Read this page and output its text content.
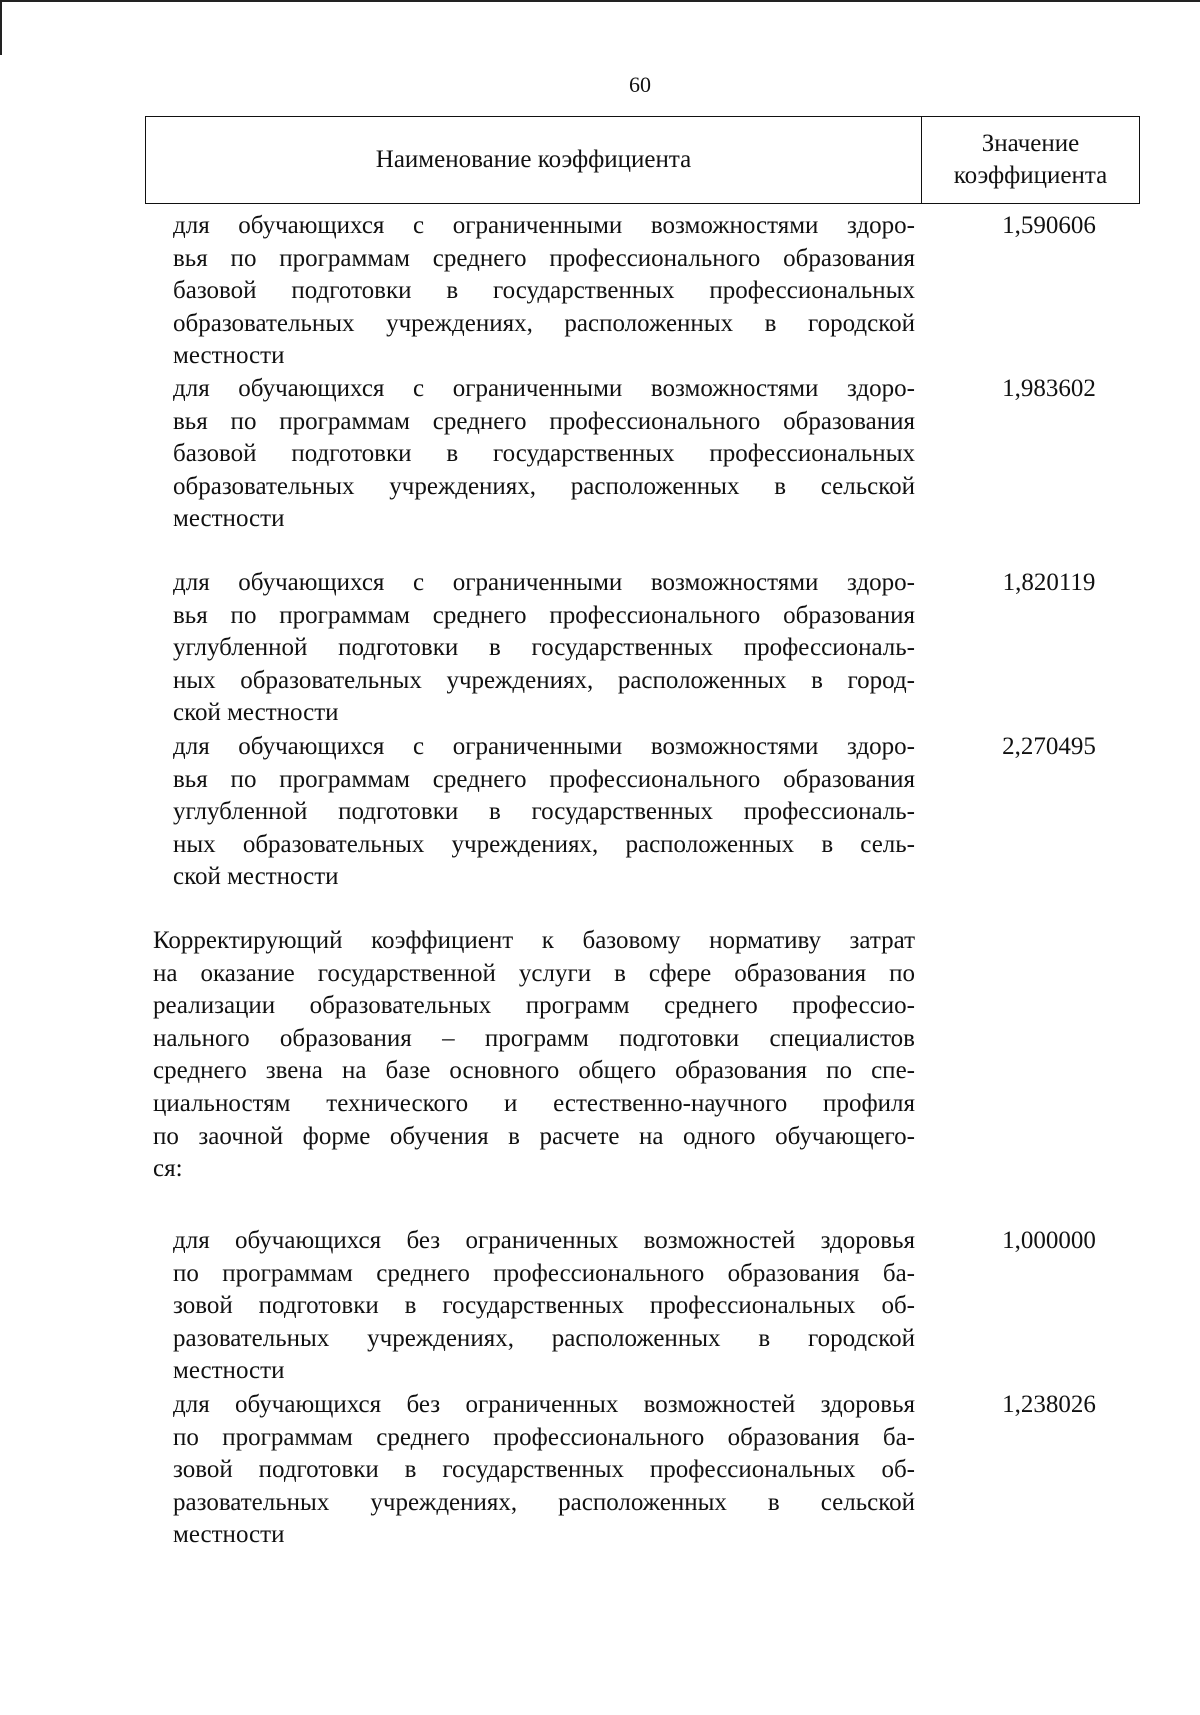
60
Наименование коэффициента
Значение
коэффициента
для обучающихся с ограниченными возможностями здоро-
вья по программам среднего профессионального образования
базовой подготовки в государственных профессиональных
образовательных учреждениях, расположенных в городской
местности
1,590606
для обучающихся с ограниченными возможностями здоро-
вья по программам среднего профессионального образования
базовой подготовки в государственных профессиональных
образовательных учреждениях, расположенных в сельской
местности
1,983602
для обучающихся с ограниченными возможностями здоро-
вья по программам среднего профессионального образования
углубленной подготовки в государственных профессиональ-
ных образовательных учреждениях, расположенных в город-
ской местности
1,820119
для обучающихся с ограниченными возможностями здоро-
вья по программам среднего профессионального образования
углубленной подготовки в государственных профессиональ-
ных образовательных учреждениях, расположенных в сель-
ской местности
2,270495
Корректирующий коэффициент к базовому нормативу затрат
на оказание государственной услуги в сфере образования по
реализации образовательных программ среднего профессио-
нального образования – программ подготовки специалистов
среднего звена на базе основного общего образования по спе-
циальностям технического и естественно-научного профиля
по заочной форме обучения в расчете на одного обучающего-
ся:
для обучающихся без ограниченных возможностей здоровья
по программам среднего профессионального образования ба-
зовой подготовки в государственных профессиональных об-
разовательных учреждениях, расположенных в городской
местности
1,000000
для обучающихся без ограниченных возможностей здоровья
по программам среднего профессионального образования ба-
зовой подготовки в государственных профессиональных об-
разовательных учреждениях, расположенных в сельской
местности
1,238026
